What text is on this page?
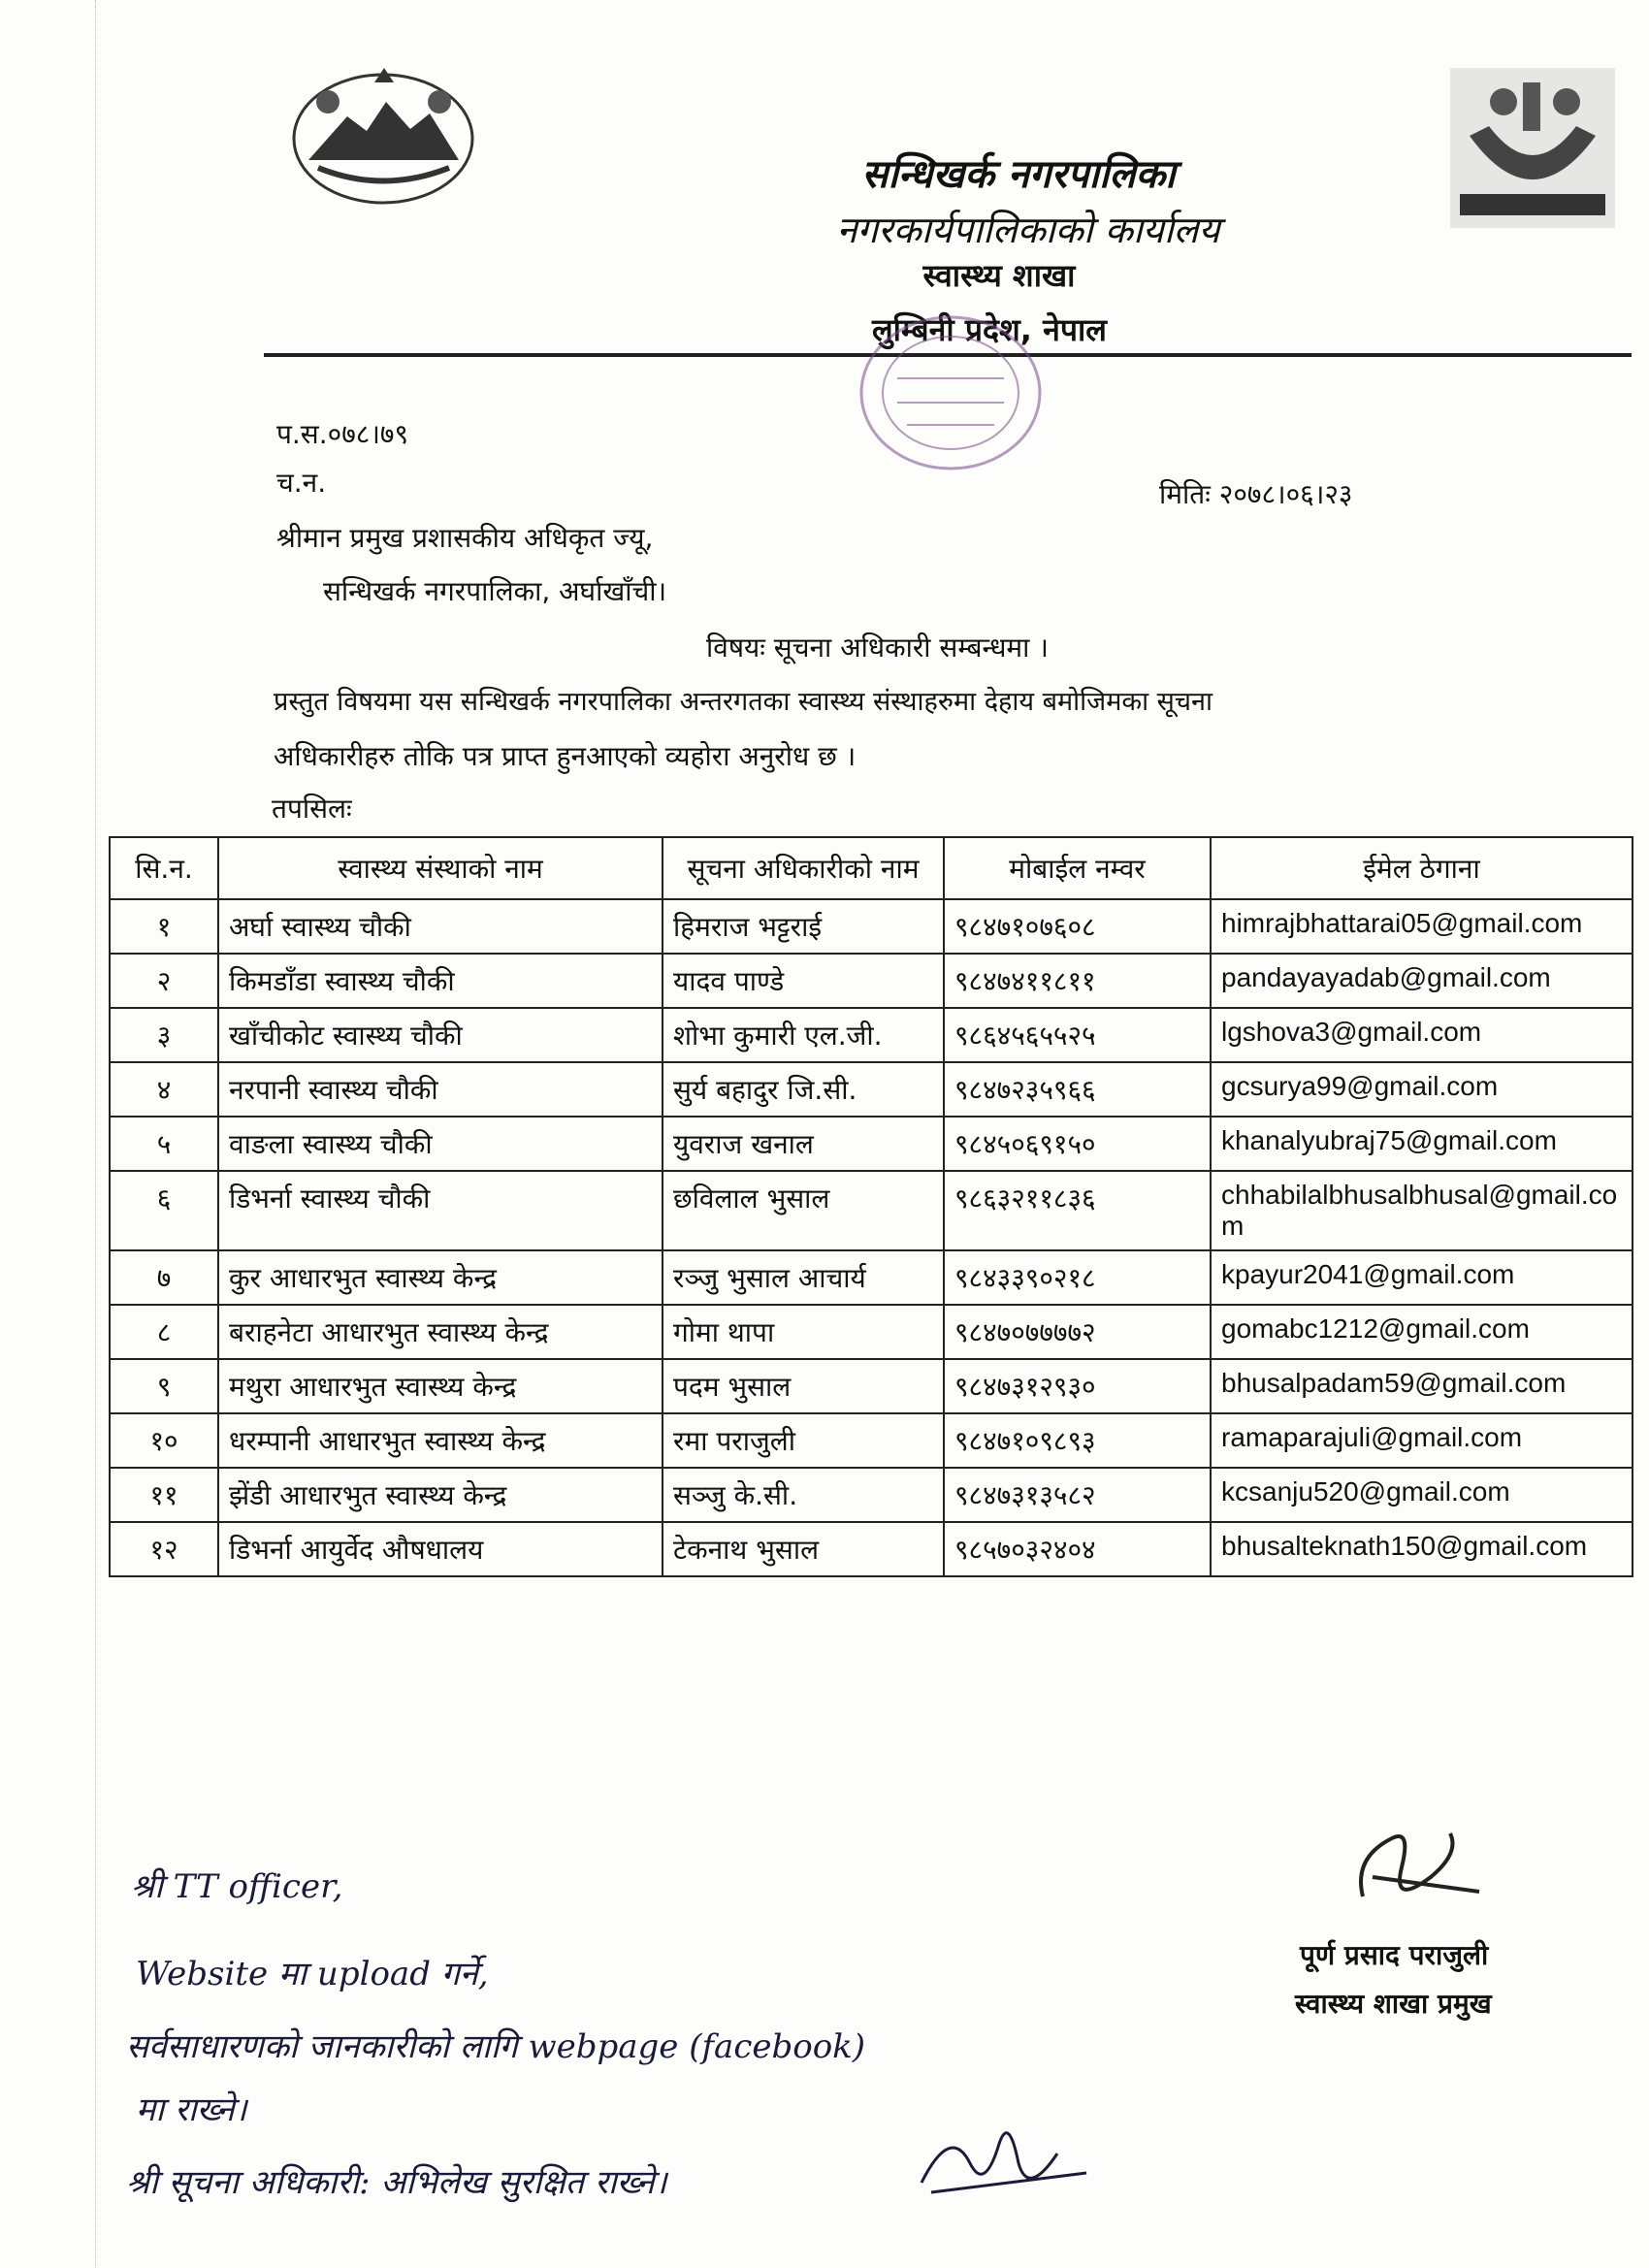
सन्धिखर्क नगरपालिका
नगरकार्यपालिकाको कार्यालय
स्वास्थ्य शाखा
लुम्बिनी प्रदेश, नेपाल
प.स.०७८।७९
च.न.	मितिः २०७८।०६।२३
श्रीमान प्रमुख प्रशासकीय अधिकृत ज्यू,
सन्धिखर्क नगरपालिका, अर्घाखाँची।
विषयः सूचना अधिकारी सम्बन्धमा ।
प्रस्तुत विषयमा यस सन्धिखर्क नगरपालिका अन्तरगतका स्वास्थ्य संस्थाहरुमा देहाय बमोजिमका सूचना
अधिकारीहरु तोकि पत्र प्राप्त हुनआएको व्यहोरा अनुरोध छ ।
तपसिलः
सि.न.	स्वास्थ्य संस्थाको नाम	सूचना अधिकारीको नाम	मोबाईल नम्वर	ईमेल ठेगाना
१	अर्घा स्वास्थ्य चौकी	हिमराज भट्टराई	९८४७१०७६०८	himrajbhattarai05@gmail.com
२	किमडाँडा स्वास्थ्य चौकी	यादव पाण्डे	९८४७४११८११	pandayayadab@gmail.com
३	खाँचीकोट स्वास्थ्य चौकी	शोभा कुमारी एल.जी.	९८६४५६५५२५	lgshova3@gmail.com
४	नरपानी स्वास्थ्य चौकी	सुर्य बहादुर जि.सी.	९८४७२३५९६६	gcsurya99@gmail.com
५	वाङला स्वास्थ्य चौकी	युवराज खनाल	९८४५०६९१५०	khanalyubraj75@gmail.com
६	डिभर्ना स्वास्थ्य चौकी	छविलाल भुसाल	९८६३२११८३६	chhabilalbhusalbhusal@gmail.com
७	कुर आधारभुत स्वास्थ्य केन्द्र	रञ्जु भुसाल आचार्य	९८४३३९०२१८	kpayur2041@gmail.com
८	बराहनेटा आधारभुत स्वास्थ्य केन्द्र	गोमा थापा	९८४७०७७७७२	gomabc1212@gmail.com
९	मथुरा आधारभुत स्वास्थ्य केन्द्र	पदम भुसाल	९८४७३१२९३०	bhusalpadam59@gmail.com
१०	धरम्पानी आधारभुत स्वास्थ्य केन्द्र	रमा पराजुली	९८४७१०९८९३	ramaparajuli@gmail.com
११	झेंडी आधारभुत स्वास्थ्य केन्द्र	सञ्जु के.सी.	९८४७३१३५८२	kcsanju520@gmail.com
१२	डिभर्ना आयुर्वेद औषधालय	टेकनाथ भुसाल	९८५७०३२४०४	bhusalteknath150@gmail.com
पूर्ण प्रसाद पराजुली
स्वास्थ्य शाखा प्रमुख
श्री TT officer,
Website मा upload गर्ने,
सर्वसाधारणको जानकारीको लागि webpage (facebook)
मा राख्ने।
श्री सूचना अधिकारी: अभिलेख सुरक्षित राख्ने।
